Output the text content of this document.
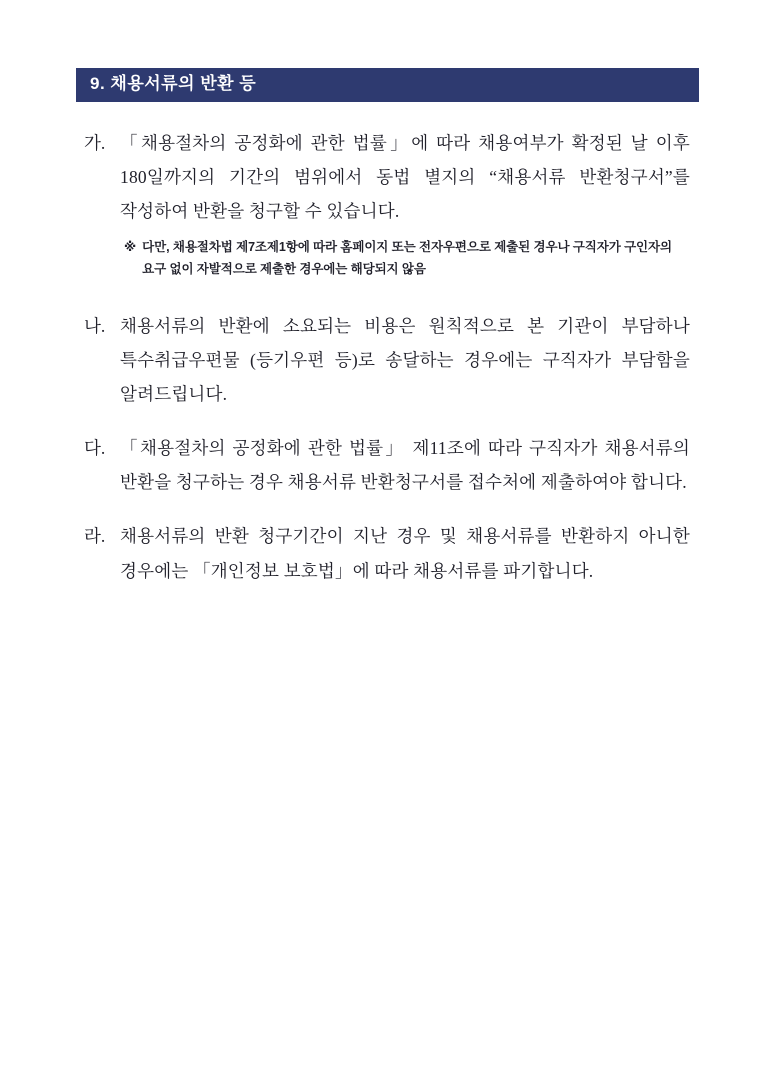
9. 채용서류의 반환 등
가. 「채용절차의 공정화에 관한 법률」에 따라 채용여부가 확정된 날 이후 180일까지의 기간의 범위에서 동법 별지의 “채용서류 반환청구서”를 작성하여 반환을 청구할 수 있습니다.
※ 다만, 채용절차법 제7조제1항에 따라 홈페이지 또는 전자우편으로 제출된 경우나 구직자가 구인자의 요구 없이 자발적으로 제출한 경우에는 해당되지 않음
나. 채용서류의 반환에 소요되는 비용은 원칙적으로 본 기관이 부담하나 특수취급우편물 (등기우편 등)로 송달하는 경우에는 구직자가 부담함을 알려드립니다.
다. 「채용절차의 공정화에 관한 법률」 제11조에 따라 구직자가 채용서류의 반환을 청구하는 경우 채용서류 반환청구서를 접수처에 제출하여야 합니다.
라. 채용서류의 반환 청구기간이 지난 경우 및 채용서류를 반환하지 아니한 경우에는 「개인정보 보호법」에 따라 채용서류를 파기합니다.
